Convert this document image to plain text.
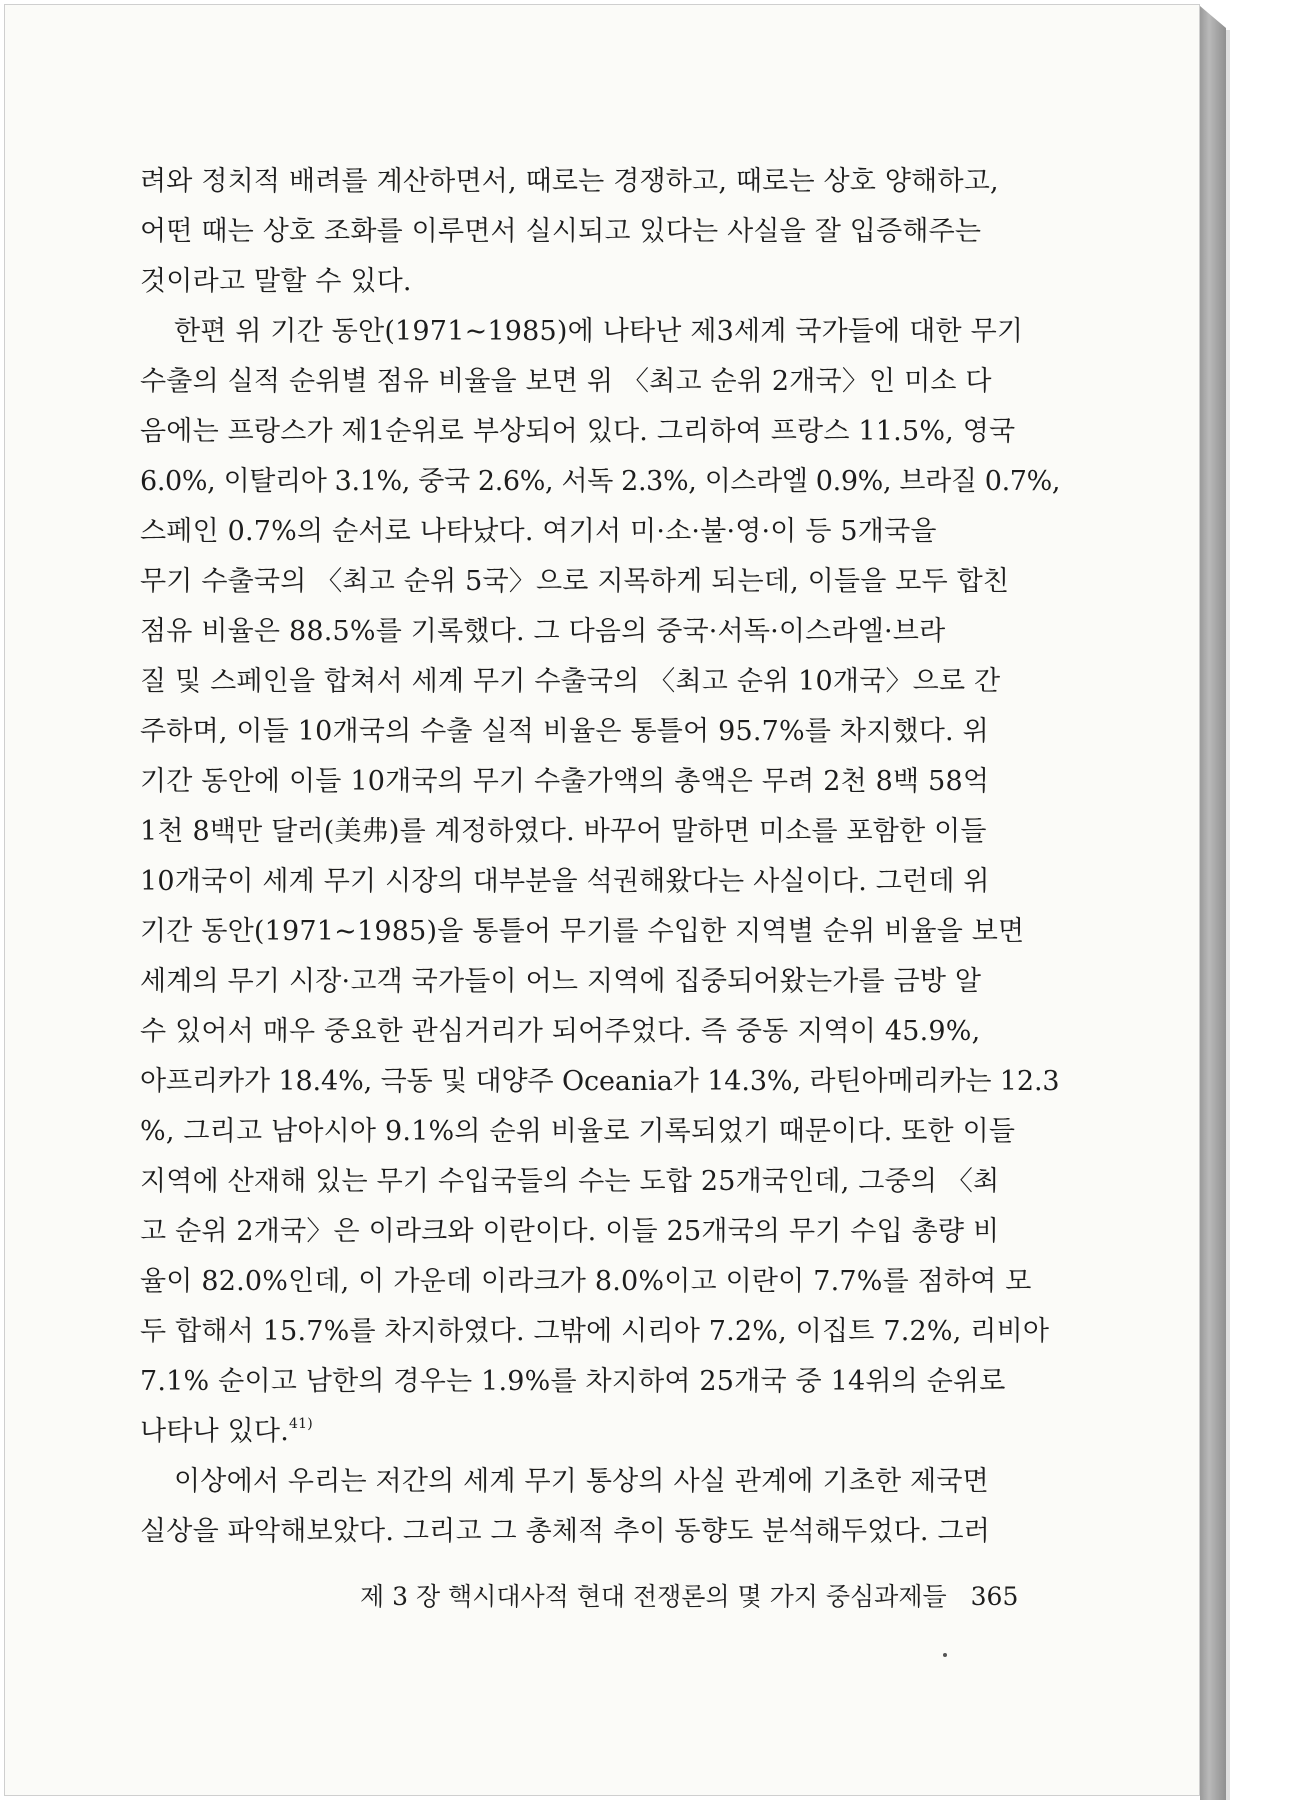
려와 정치적 배려를 계산하면서, 때로는 경쟁하고, 때로는 상호 양해하고,
어떤 때는 상호 조화를 이루면서 실시되고 있다는 사실을 잘 입증해주는
것이라고 말할 수 있다.
한편 위 기간 동안(1971~1985)에 나타난 제3세계 국가들에 대한 무기
수출의 실적 순위별 점유 비율을 보면 위 〈최고 순위 2개국〉인 미소 다
음에는 프랑스가 제1순위로 부상되어 있다. 그리하여 프랑스 11.5%, 영국
6.0%, 이탈리아 3.1%, 중국 2.6%, 서독 2.3%, 이스라엘 0.9%, 브라질 0.7%,
스페인 0.7%의 순서로 나타났다. 여기서 미·소·불·영·이 등 5개국을
무기 수출국의 〈최고 순위 5국〉으로 지목하게 되는데, 이들을 모두 합친
점유 비율은 88.5%를 기록했다. 그 다음의 중국·서독·이스라엘·브라
질 및 스페인을 합쳐서 세계 무기 수출국의 〈최고 순위 10개국〉으로 간
주하며, 이들 10개국의 수출 실적 비율은 통틀어 95.7%를 차지했다. 위
기간 동안에 이들 10개국의 무기 수출가액의 총액은 무려 2천 8백 58억
1천 8백만 달러(美弗)를 계정하였다. 바꾸어 말하면 미소를 포함한 이들
10개국이 세계 무기 시장의 대부분을 석권해왔다는 사실이다. 그런데 위
기간 동안(1971~1985)을 통틀어 무기를 수입한 지역별 순위 비율을 보면
세계의 무기 시장·고객 국가들이 어느 지역에 집중되어왔는가를 금방 알
수 있어서 매우 중요한 관심거리가 되어주었다. 즉 중동 지역이 45.9%,
아프리카가 18.4%, 극동 및 대양주 Oceania가 14.3%, 라틴아메리카는 12.3
%, 그리고 남아시아 9.1%의 순위 비율로 기록되었기 때문이다. 또한 이들
지역에 산재해 있는 무기 수입국들의 수는 도합 25개국인데, 그중의 〈최
고 순위 2개국〉은 이라크와 이란이다. 이들 25개국의 무기 수입 총량 비
율이 82.0%인데, 이 가운데 이라크가 8.0%이고 이란이 7.7%를 점하여 모
두 합해서 15.7%를 차지하였다. 그밖에 시리아 7.2%, 이집트 7.2%, 리비아
7.1% 순이고 남한의 경우는 1.9%를 차지하여 25개국 중 14위의 순위로
나타나 있다.$^{41)}$
이상에서 우리는 저간의 세계 무기 통상의 사실 관계에 기초한 제국면
실상을 파악해보았다. 그리고 그 총체적 추이 동향도 분석해두었다. 그러
제 3 장 핵시대사적 현대 전쟁론의 몇 가지 중심과제들 365
